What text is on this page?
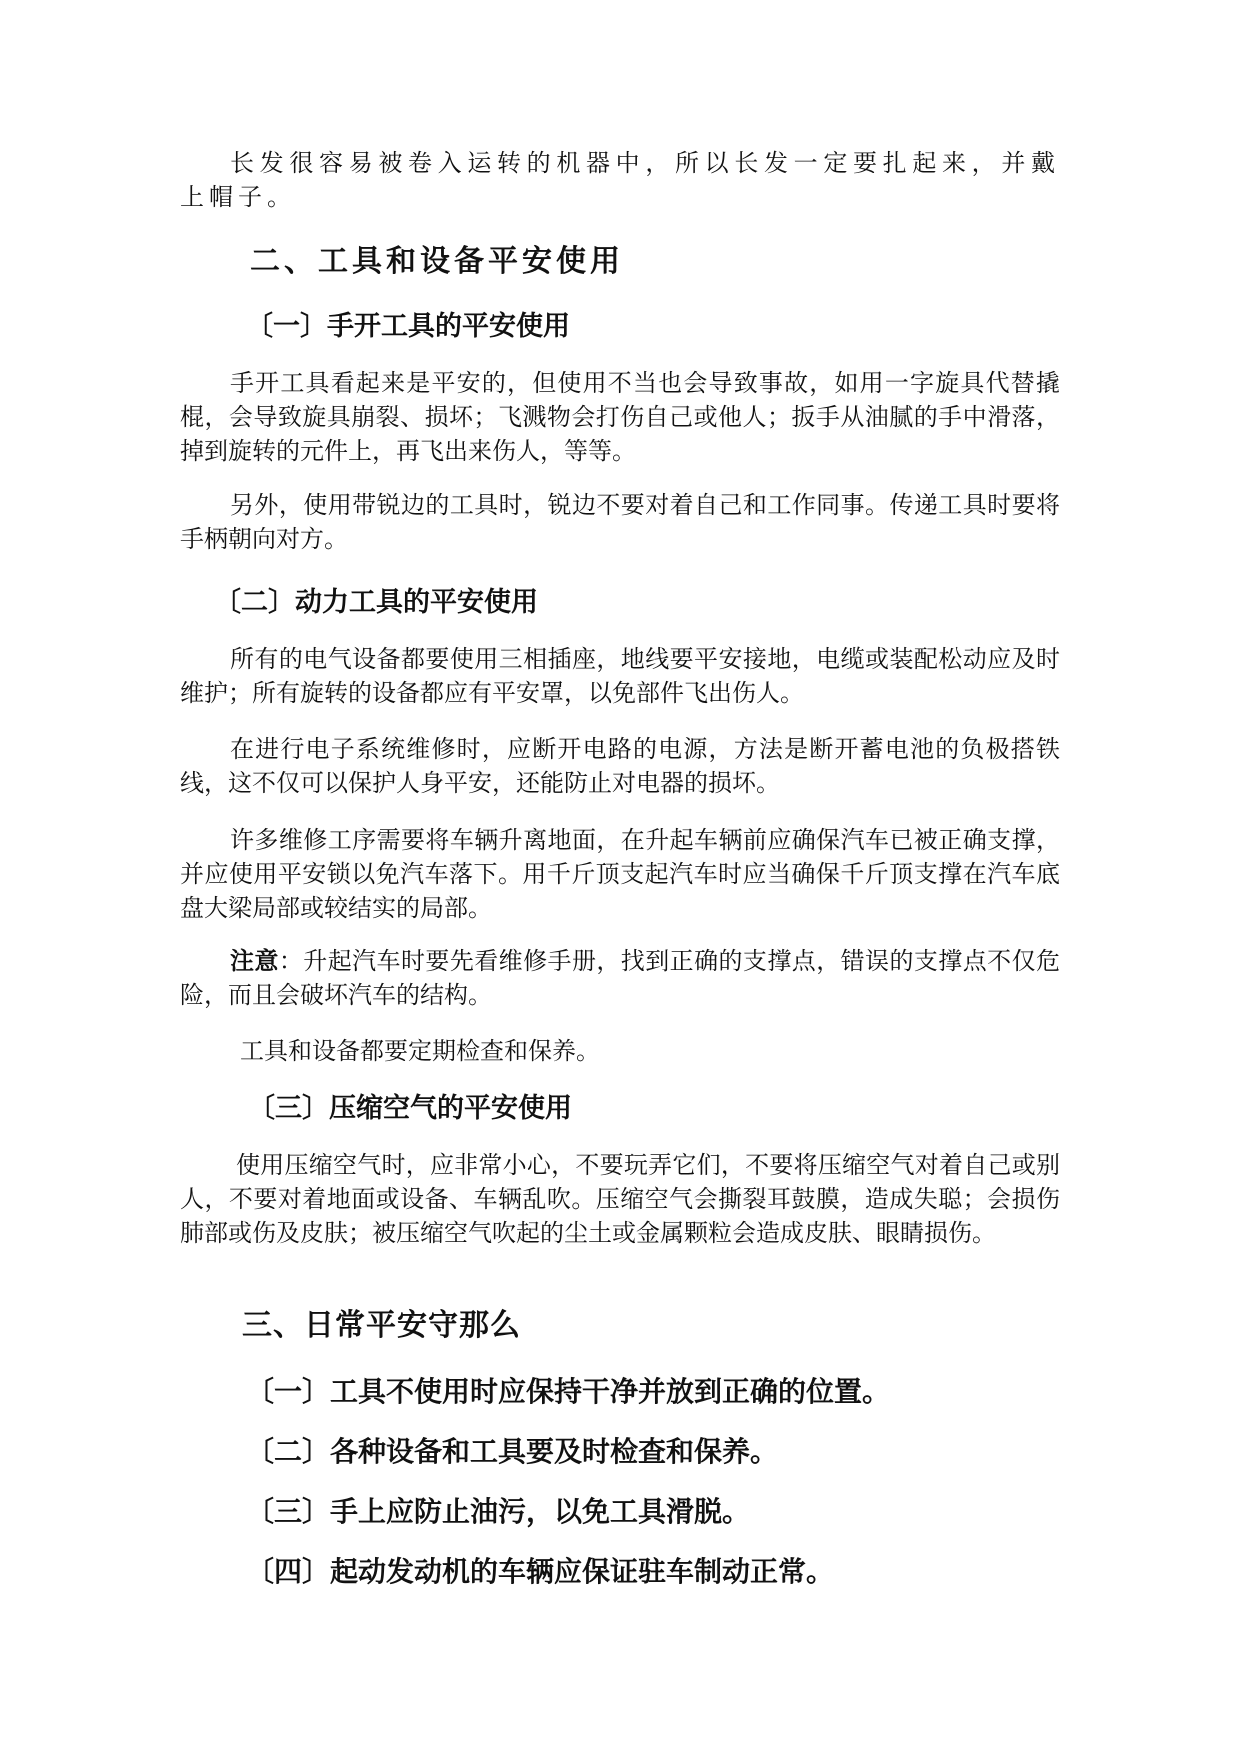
长发很容易被卷入运转的机器中，所以长发一定要扎起来，并戴上帽子。

二、工具和设备平安使用
〔一〕手开工具的平安使用

手开工具看起来是平安的，但使用不当也会导致事故，如用一字旋具代替撬棍，会导致旋具崩裂、损坏；飞溅物会打伤自己或他人；扳手从油腻的手中滑落，掉到旋转的元件上，再飞出来伤人，等等。

另外，使用带锐边的工具时，锐边不要对着自己和工作同事。传递工具时要将手柄朝向对方。

〔二〕动力工具的平安使用

所有的电气设备都要使用三相插座，地线要平安接地，电缆或装配松动应及时维护；所有旋转的设备都应有平安罩，以免部件飞出伤人。

在进行电子系统维修时，应断开电路的电源，方法是断开蓄电池的负极搭铁线，这不仅可以保护人身平安，还能防止对电器的损坏。

许多维修工序需要将车辆升离地面，在升起车辆前应确保汽车已被正确支撑，并应使用平安锁以免汽车落下。用千斤顶支起汽车时应当确保千斤顶支撑在汽车底盘大梁局部或较结实的局部。

注意：升起汽车时要先看维修手册，找到正确的支撑点，错误的支撑点不仅危险，而且会破坏汽车的结构。

工具和设备都要定期检查和保养。

〔三〕压缩空气的平安使用

使用压缩空气时，应非常小心，不要玩弄它们，不要将压缩空气对着自己或别人，不要对着地面或设备、车辆乱吹。压缩空气会撕裂耳鼓膜，造成失聪；会损伤肺部或伤及皮肤；被压缩空气吹起的尘土或金属颗粒会造成皮肤、眼睛损伤。

三、日常平安守那么
〔一〕工具不使用时应保持干净并放到正确的位置。
〔二〕各种设备和工具要及时检查和保养。
〔三〕手上应防止油污，以免工具滑脱。
〔四〕起动发动机的车辆应保证驻车制动正常。
